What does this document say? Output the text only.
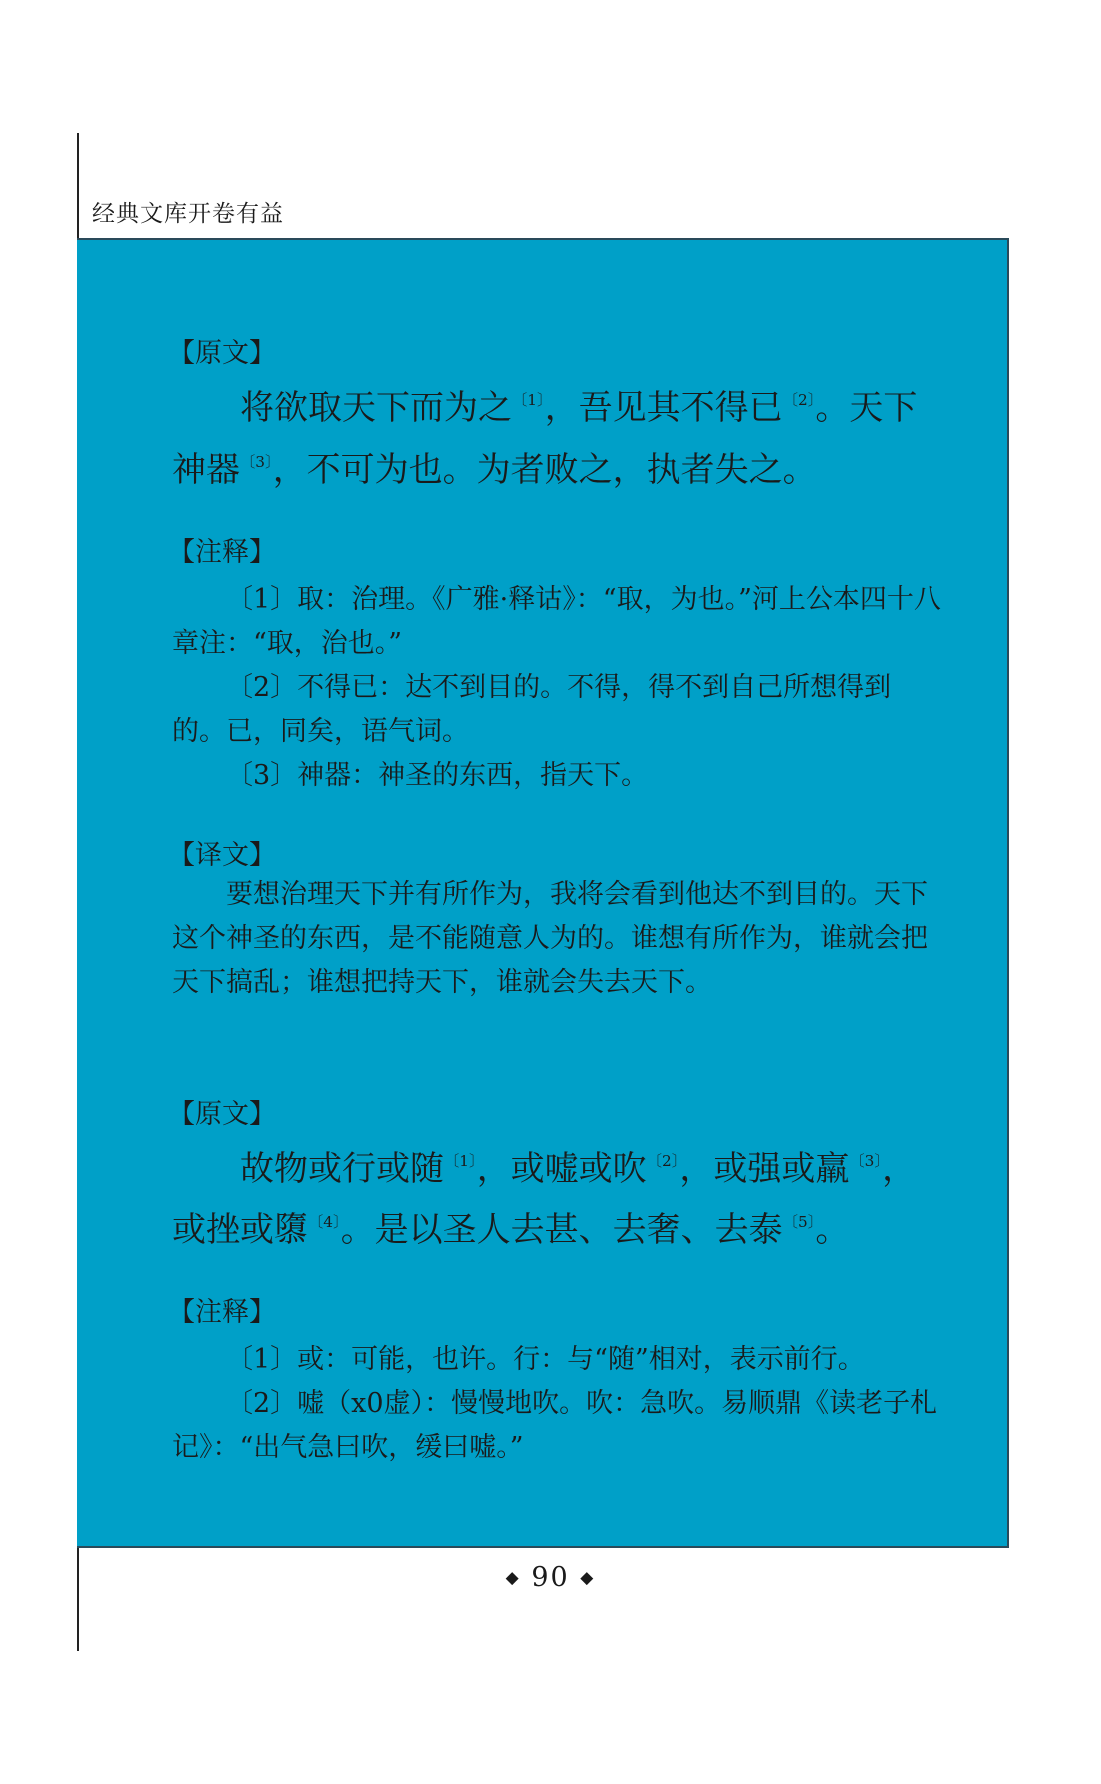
经典文库开卷有益
【原文】
将欲取天下而为之$^{〔1〕}$，吾见其不得已$^{〔2〕}$。天下神器$^{〔3〕}$，不可为也。为者败之，执者失之。
【注释】
〔1〕取：治理。《广雅·释诂》：“取，为也。”河上公本四十八章注：“取，治也。”
〔2〕不得已：达不到目的。不得，得不到自己所想得到的。已，同矣，语气词。
〔3〕神器：神圣的东西，指天下。
【译文】
要想治理天下并有所作为，我将会看到他达不到目的。天下这个神圣的东西，是不能随意人为的。谁想有所作为，谁就会把天下搞乱；谁想把持天下，谁就会失去天下。
【原文】
故物或行或随$^{〔1〕}$，或嘘或吹$^{〔2〕}$，或强或羸$^{〔3〕}$，或挫或隳$^{〔4〕}$。是以圣人去甚、去奢、去泰$^{〔5〕}$。
【注释】
〔1〕或：可能，也许。行：与“随”相对，表示前行。
〔2〕嘘（x0虚）：慢慢地吹。吹：急吹。易顺鼎《读老子札记》：“出气急曰吹，缓曰嘘。”
◆ 90 ◆
